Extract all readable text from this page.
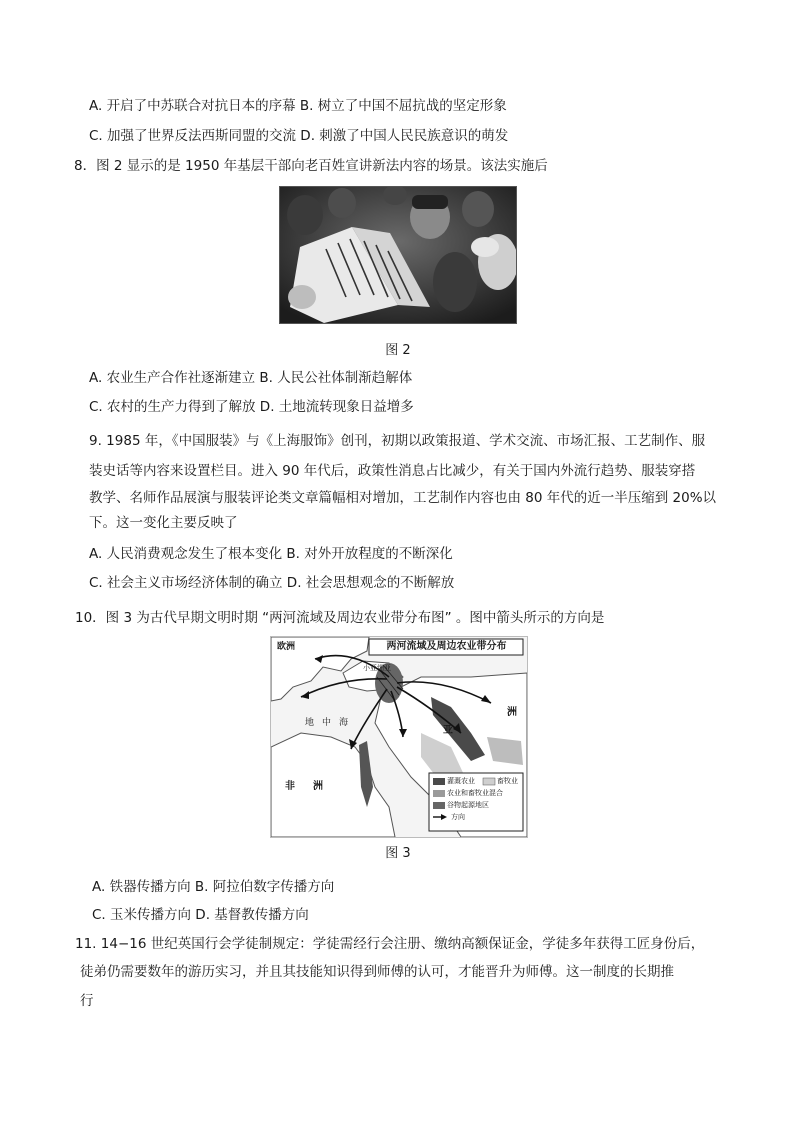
A. 开启了中苏联合对抗日本的序幕 B. 树立了中国不屈抗战的坚定形象
C. 加强了世界反法西斯同盟的交流 D. 刺激了中国人民民族意识的萌发
8．图 2 显示的是 1950 年基层干部向老百姓宣讲新法内容的场景。该法实施后
图 2
A. 农业生产合作社逐渐建立 B. 人民公社体制渐趋解体
C. 农村的生产力得到了解放 D. 土地流转现象日益增多
9. 1985 年，《中国服装》与《上海服饰》创刊，初期以政策报道、学术交流、市场汇报、工艺制作、服
装史话等内容来设置栏目。进入 90 年代后，政策性消息占比减少，有关于国内外流行趋势、服装穿搭
教学、名师作品展演与服装评论类文章篇幅相对增加，工艺制作内容也由 80 年代的近一半压缩到 20%以
下。这一变化主要反映了
A. 人民消费观念发生了根本变化 B. 对外开放程度的不断深化
C. 社会主义市场经济体制的确立 D. 社会思想观念的不断解放
10．图 3 为古代早期文明时期 “两河流域及周边农业带分布图” 。图中箭头所示的方向是
两河流域及周边农业带分布
欧洲
小亚细亚
地中海
非洲
亚
洲
灌溉农业	畜牧业
农业和畜牧业混合
谷物起源地区
方向
图 3
A. 铁器传播方向 B. 阿拉伯数字传播方向
C. 玉米传播方向 D. 基督教传播方向
11. 14−16 世纪英国行会学徒制规定：学徒需经行会注册、缴纳高额保证金，学徒多年获得工匠身份后，
徒弟仍需要数年的游历实习，并且其技能知识得到师傅的认可，才能晋升为师傅。这一制度的长期推
行
